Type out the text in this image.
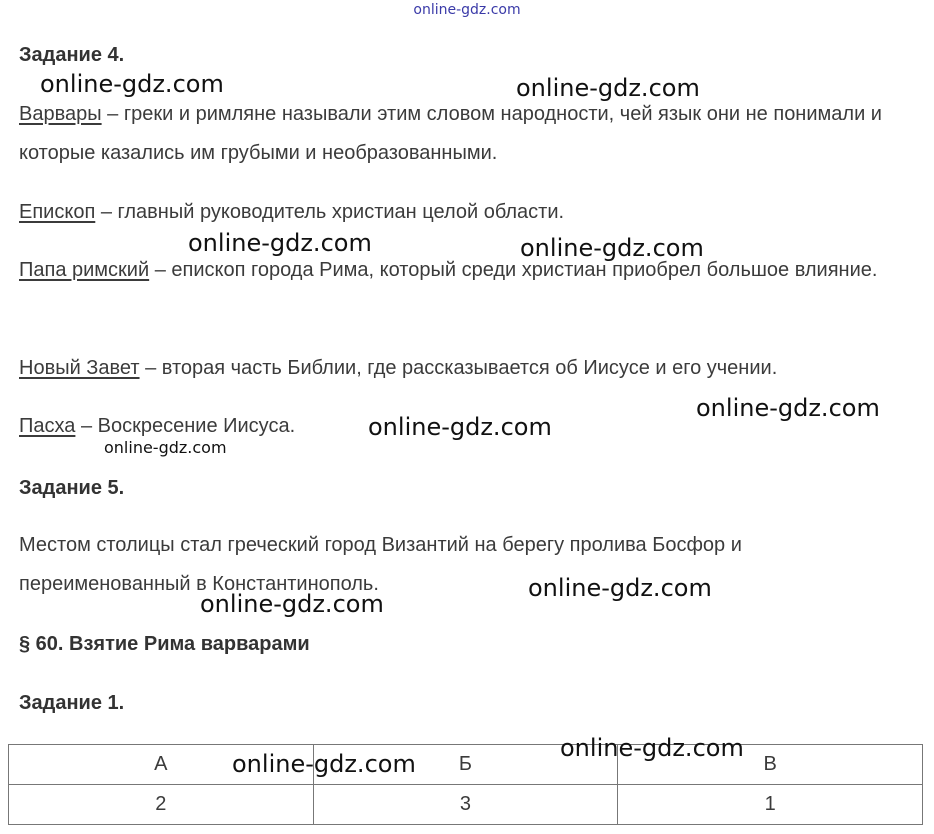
online-gdz.com
Задание 4.
Варвары – греки и римляне называли этим словом народности, чей язык они не понимали и которые казались им грубыми и необразованными.
Епископ – главный руководитель христиан целой области.
Папа римский – епископ города Рима, который среди христиан приобрел большое влияние.
Новый Завет – вторая часть Библии, где рассказывается об Иисусе и его учении.
Пасха – Воскресение Иисуса.
Задание 5.
Местом столицы стал греческий город Византий на берегу пролива Босфор и переименованный в Константинополь.
§ 60. Взятие Рима варварами
Задание 1.
А	Б	В
2	3	1
online-gdz.com	online-gdz.com
online-gdz.com	online-gdz.com
online-gdz.com
online-gdz.com
online-gdz.com
online-gdz.com
online-gdz.com
online-gdz.com
online-gdz.com
